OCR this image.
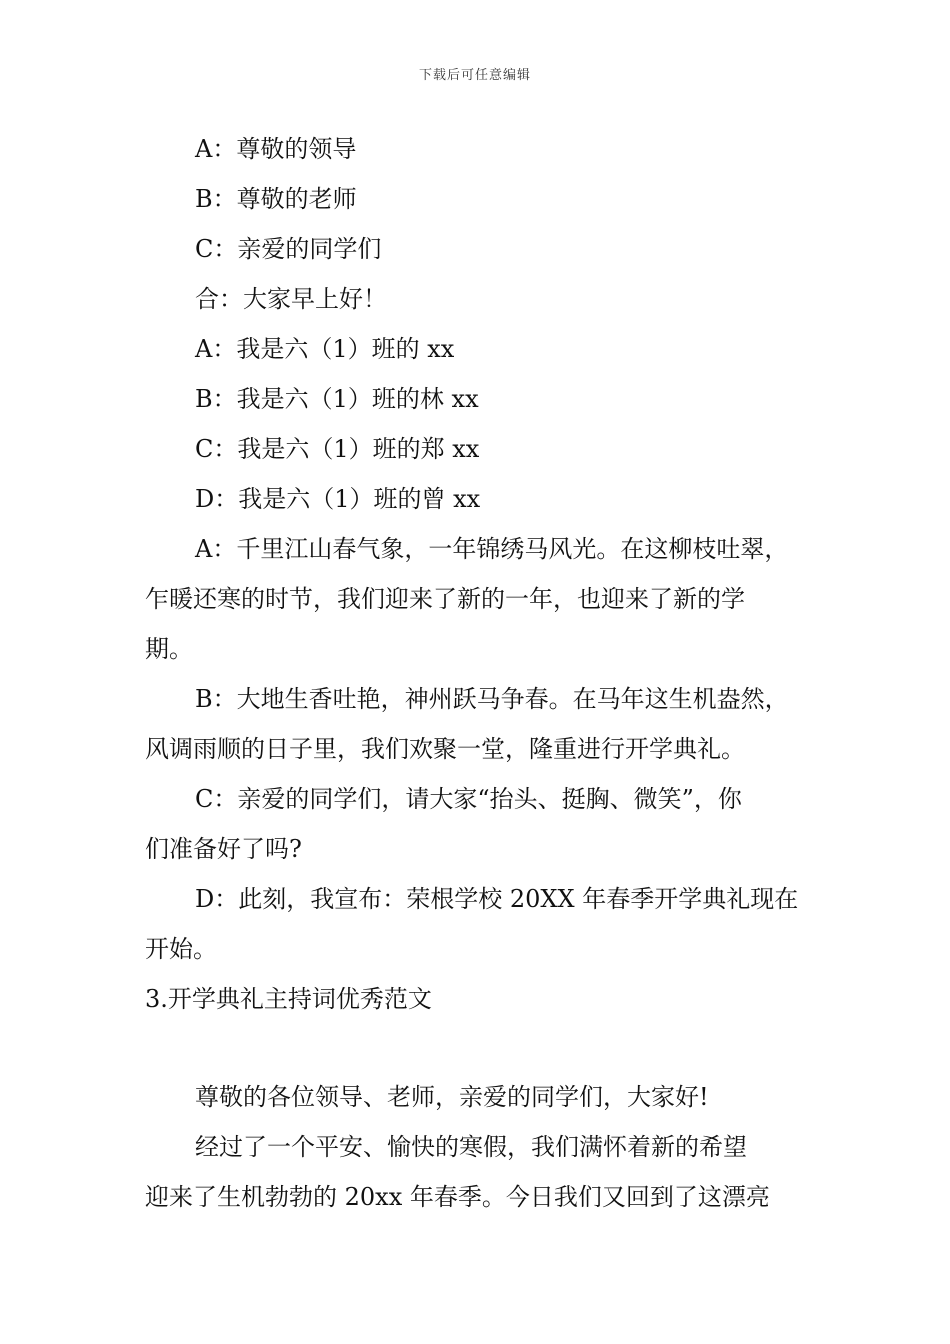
下载后可任意编辑
A：尊敬的领导
B：尊敬的老师
C：亲爱的同学们
合：大家早上好！
A：我是六（1）班的 xx
B：我是六（1）班的林 xx
C：我是六（1）班的郑 xx
D：我是六（1）班的曾 xx
A：千里江山春气象，一年锦绣马风光。在这柳枝吐翠，
乍暖还寒的时节，我们迎来了新的一年，也迎来了新的学
期。
B：大地生香吐艳，神州跃马争春。在马年这生机盎然，
风调雨顺的日子里，我们欢聚一堂，隆重进行开学典礼。
C：亲爱的同学们，请大家“抬头、挺胸、微笑”，你
们准备好了吗?
D：此刻，我宣布：荣根学校 20XX 年春季开学典礼现在
开始。
3.开学典礼主持词优秀范文
尊敬的各位领导、老师，亲爱的同学们，大家好!
经过了一个平安、愉快的寒假，我们满怀着新的希望
迎来了生机勃勃的 20xx 年春季。今日我们又回到了这漂亮
